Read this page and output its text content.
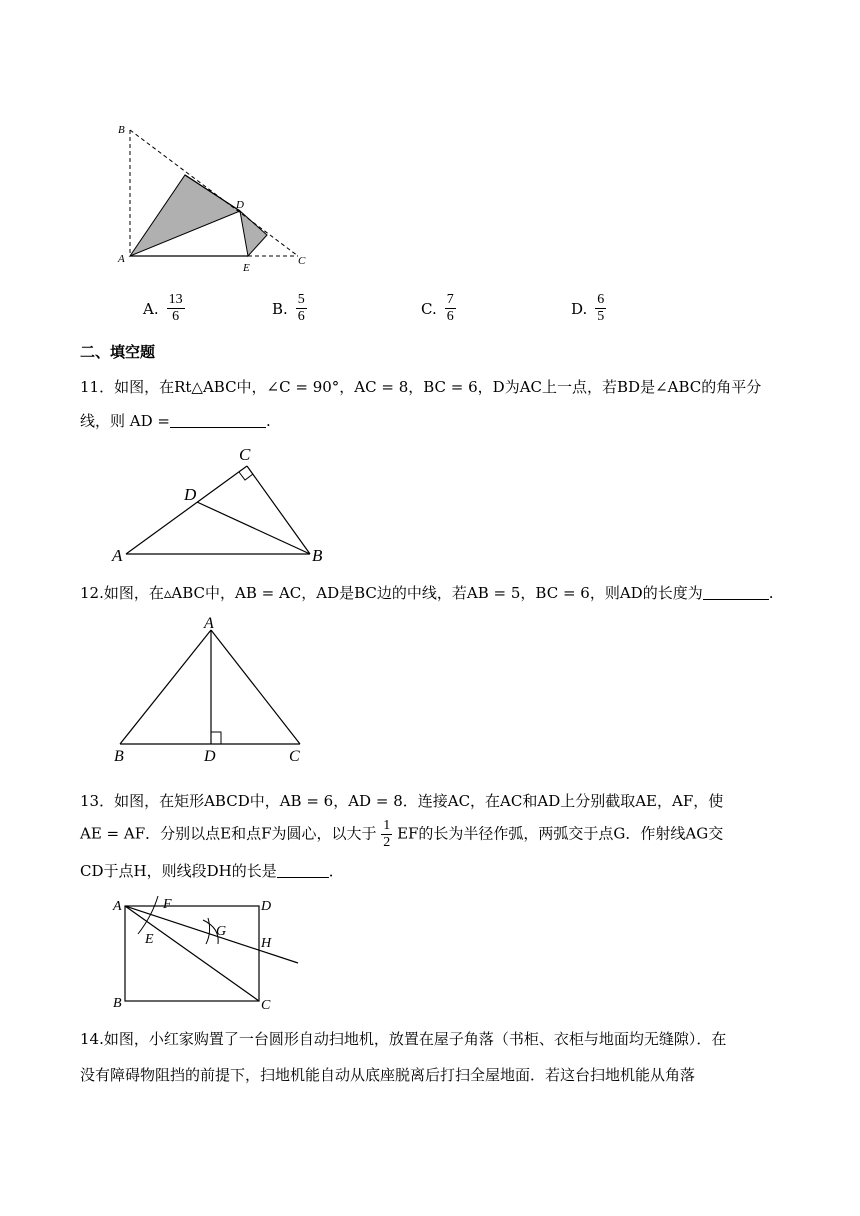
B
D
A
E
C
A. $\frac{13}{6}$	B. $\frac{5}{6}$	C. $\frac{7}{6}$	D. $\frac{6}{5}$
二、填空题
11．如图，在Rt△ABC中，∠C = 90°，AC = 8，BC = 6，D为AC上一点，若BD是∠ABC的角平分
线，则 AD =	.
C
D
A	B
12.如图，在▵ABC中，AB = AC，AD是BC边的中线，若AB = 5，BC = 6，则AD的长度为	.
A
B	D	C
13．如图，在矩形ABCD中，AB = 6，AD = 8．连接AC，在AC和AD上分别截取AE，AF，使
AE = AF．分别以点E和点F为圆心，以大于 $\frac{1}{2}$ EF的长为半径作弧，两弧交于点G．作射线AG交
CD于点H，则线段DH的长是	．
A	F	D
E
G
H
B	C
14.如图，小红家购置了一台圆形自动扫地机，放置在屋子角落（书柜、衣柜与地面均无缝隙）．在
没有障碍物阻挡的前提下，扫地机能自动从底座脱离后打扫全屋地面．若这台扫地机能从角落
